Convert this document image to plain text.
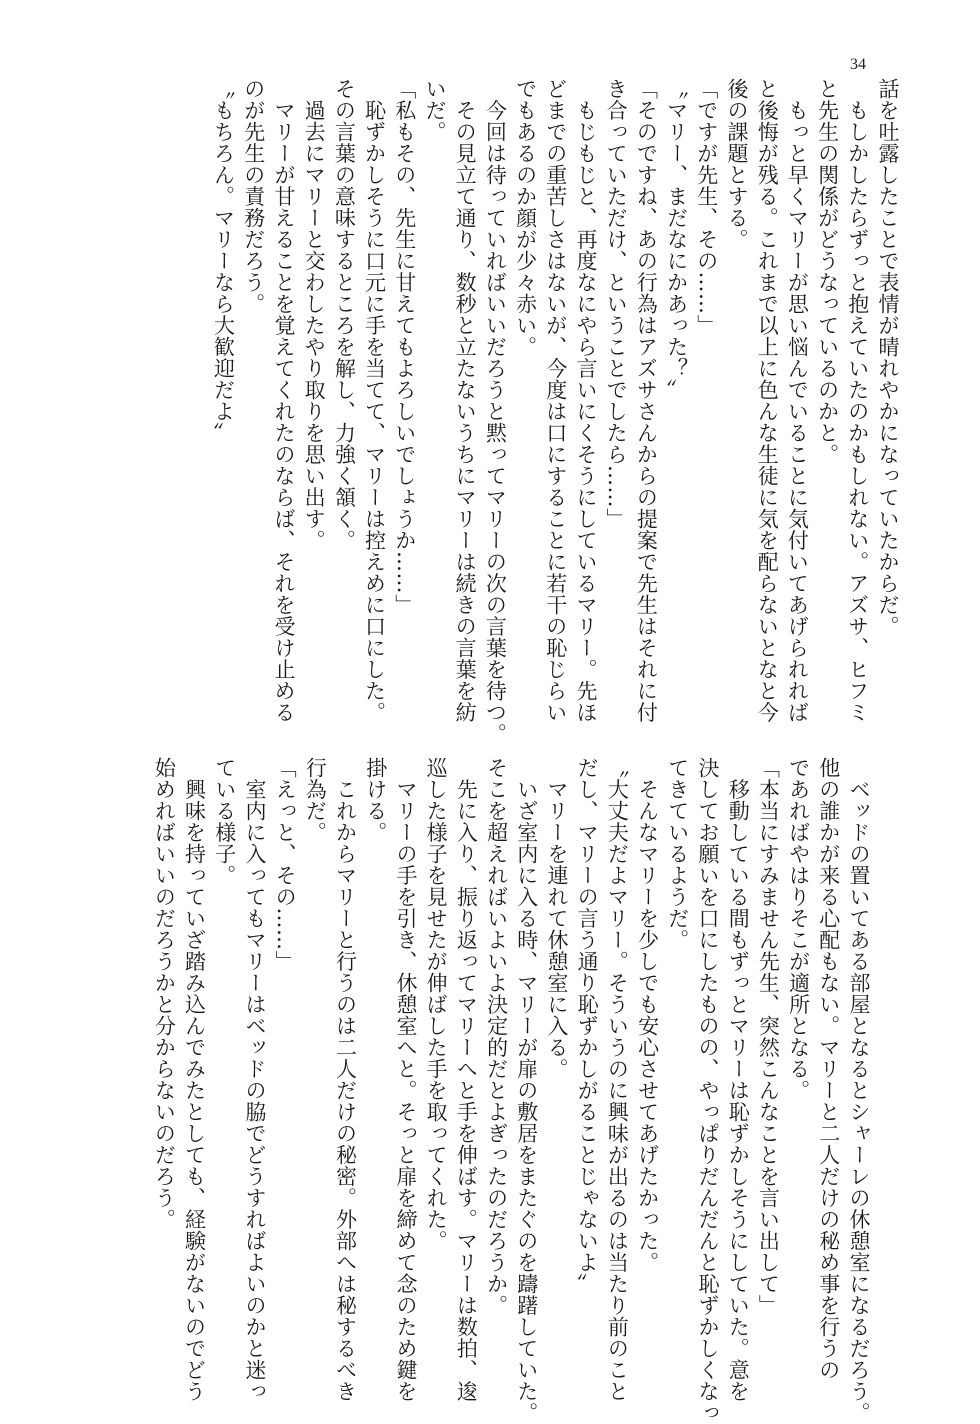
34
話を吐露したことで表情が晴れやかになっていたからだ。
もしかしたらずっと抱えていたのかもしれない。アズサ、ヒフミ
と先生の関係がどうなっているのかと。
もっと早くマリーが思い悩んでいることに気付いてあげられれば
と後悔が残る。これまで以上に色んな生徒に気を配らないとなと今
後の課題とする。
「ですが先生、その……」
〝マリー、まだなにかあった？〟
「そのですね、あの行為はアズサさんからの提案で先生はそれに付
き合っていただけ、ということでしたら……」
もじもじと、再度なにやら言いにくそうにしているマリー。先ほ
どまでの重苦しさはないが、今度は口にすることに若干の恥じらい
でもあるのか顔が少々赤い。
今回は待っていればいいだろうと黙ってマリーの次の言葉を待つ。
その見立て通り、数秒と立たないうちにマリーは続きの言葉を紡
いだ。
「私もその、先生に甘えてもよろしいでしょうか……」
恥ずかしそうに口元に手を当てて、マリーは控えめに口にした。
その言葉の意味するところを解し、力強く頷く。
過去にマリーと交わしたやり取りを思い出す。
マリーが甘えることを覚えてくれたのならば、それを受け止める
のが先生の責務だろう。
〝もちろん。マリーなら大歓迎だよ〟
ベッドの置いてある部屋となるとシャーレの休憩室になるだろう。
他の誰かが来る心配もない。マリーと二人だけの秘め事を行うの
であればやはりそこが適所となる。
「本当にすみません先生、突然こんなことを言い出して」
移動している間もずっとマリーは恥ずかしそうにしていた。意を
決してお願いを口にしたものの、やっぱりだんだんと恥ずかしくなっ
てきているようだ。
そんなマリーを少しでも安心させてあげたかった。
〝大丈夫だよマリー。そういうのに興味が出るのは当たり前のこと
だし、マリーの言う通り恥ずかしがることじゃないよ〟
マリーを連れて休憩室に入る。
いざ室内に入る時、マリーが扉の敷居をまたぐのを躊躇していた。
そこを超えればいよいよ決定的だとよぎったのだろうか。
先に入り、振り返ってマリーへと手を伸ばす。マリーは数拍、逡
巡した様子を見せたが伸ばした手を取ってくれた。
マリーの手を引き、休憩室へと。そっと扉を締めて念のため鍵を
掛ける。
これからマリーと行うのは二人だけの秘密。外部へは秘するべき
行為だ。
「えっと、その……」
室内に入ってもマリーはベッドの脇でどうすればよいのかと迷っ
ている様子。
興味を持っていざ踏み込んでみたとしても、経験がないのでどう
始めればいいのだろうかと分からないのだろう。
